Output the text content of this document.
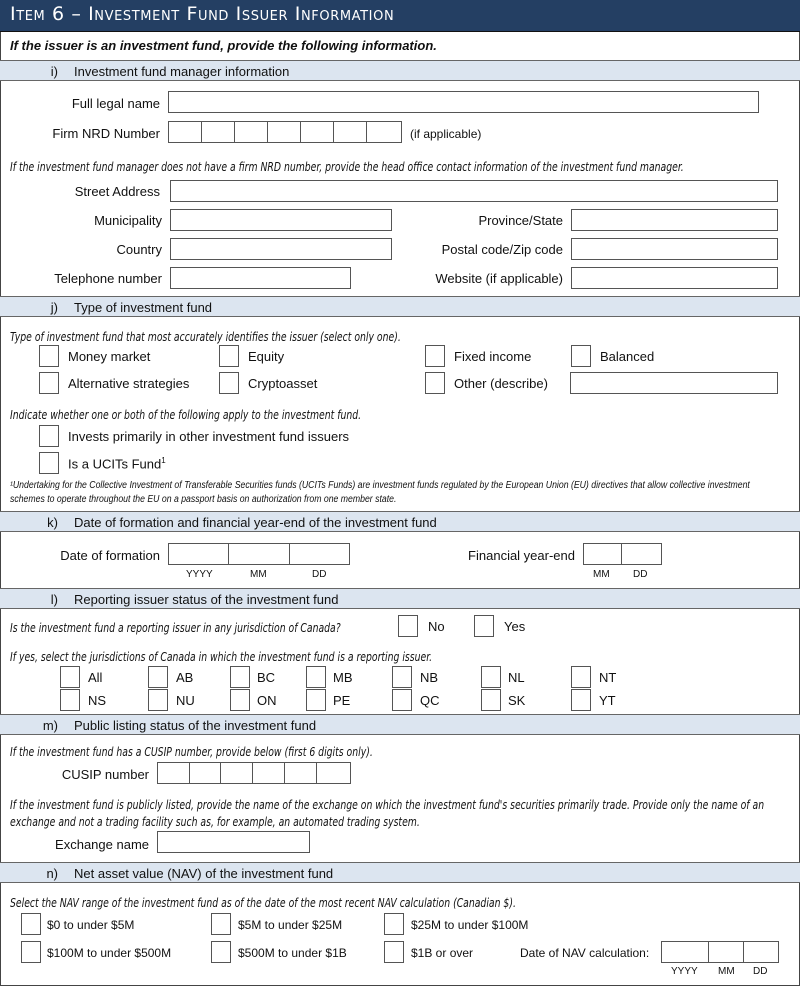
Item 6 – Investment Fund Issuer Information
If the issuer is an investment fund, provide the following information.
i) Investment fund manager information
Full legal name
Firm NRD Number	(if applicable)
If the investment fund manager does not have a firm NRD number, provide the head office contact information of the investment fund manager.
Street Address
Municipality	Province/State
Country	Postal code/Zip code
Telephone number	Website (if applicable)
j) Type of investment fund
Type of investment fund that most accurately identifies the issuer (select only one).
Money market	Equity	Fixed income	Balanced
Alternative strategies	Cryptoasset	Other (describe)
Indicate whether one or both of the following apply to the investment fund.
Invests primarily in other investment fund issuers
Is a UCITs Fund$^1$
¹Undertaking for the Collective Investment of Transferable Securities funds (UCITs Funds) are investment funds regulated by the European Union (EU) directives that allow collective investment schemes to operate throughout the EU on a passport basis on authorization from one member state.
k) Date of formation and financial year-end of the investment fund
Date of formation
YYYY	MM	DD
Financial year-end
MM DD
l) Reporting issuer status of the investment fund
Is the investment fund a reporting issuer in any jurisdiction of Canada?	No	Yes
If yes, select the jurisdictions of Canada in which the investment fund is a reporting issuer.
All	AB	BC	MB	NB	NL	NT
NS	NU	ON	PE	QC	SK	YT
m) Public listing status of the investment fund
If the investment fund has a CUSIP number, provide below (first 6 digits only).
CUSIP number
If the investment fund is publicly listed, provide the name of the exchange on which the investment fund's securities primarily trade. Provide only the name of an exchange and not a trading facility such as, for example, an automated trading system.
Exchange name
n) Net asset value (NAV) of the investment fund
Select the NAV range of the investment fund as of the date of the most recent NAV calculation (Canadian $).
$0 to under $5M	$5M to under $25M	$25M to under $100M
$100M to under $500M	$500M to under $1B	$1B or over	Date of NAV calculation:
YYYY MM DD
